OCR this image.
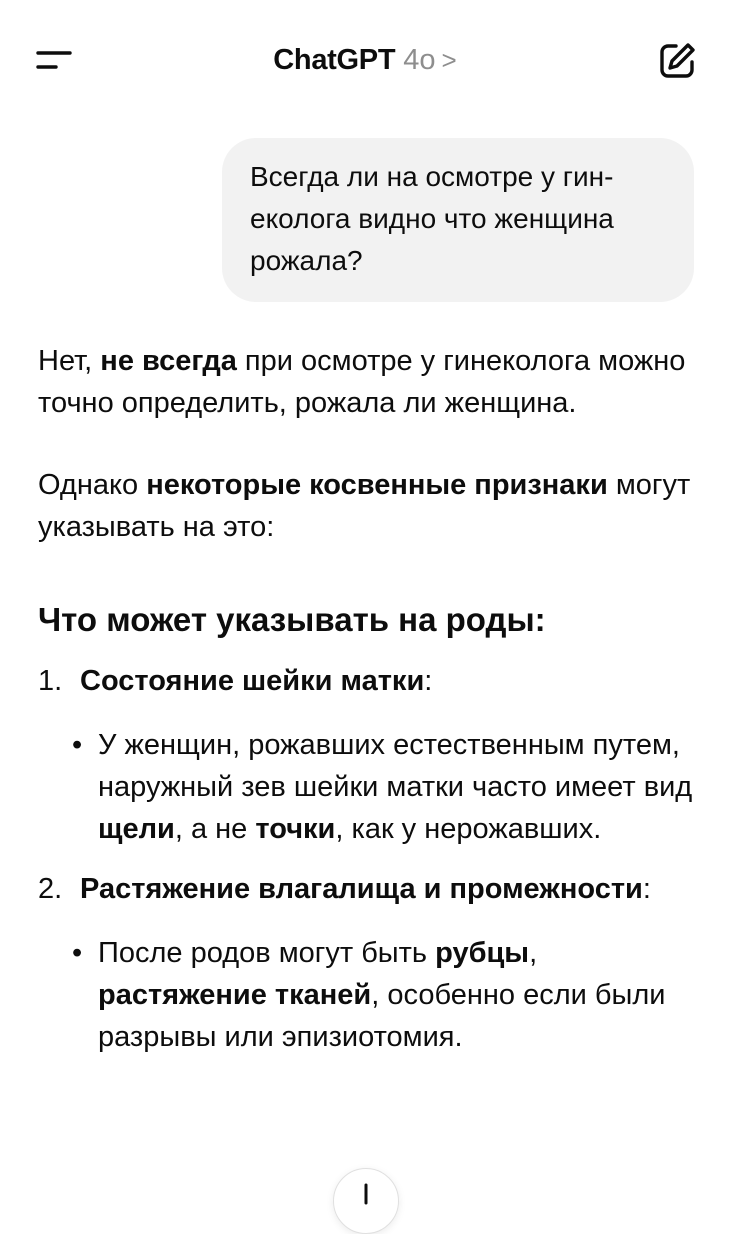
ChatGPT 4o >
Всегда ли на осмотре у гин-еколога видно что женщина рожала?

Нет, не всегда при осмотре у гинеколога можно точно определить, рожала ли женщина.

Однако некоторые косвенные признаки могут указывать на это:

Что может указывать на роды:
1. Состояние шейки матки:
• У женщин, рожавших естественным путем, наружный зев шейки матки часто имеет вид щели, а не точки, как у нерожавших.
2. Растяжение влагалища и промежности:
• После родов могут быть рубцы, растяжение тканей, особенно если были разрывы или эпизиотомия.
